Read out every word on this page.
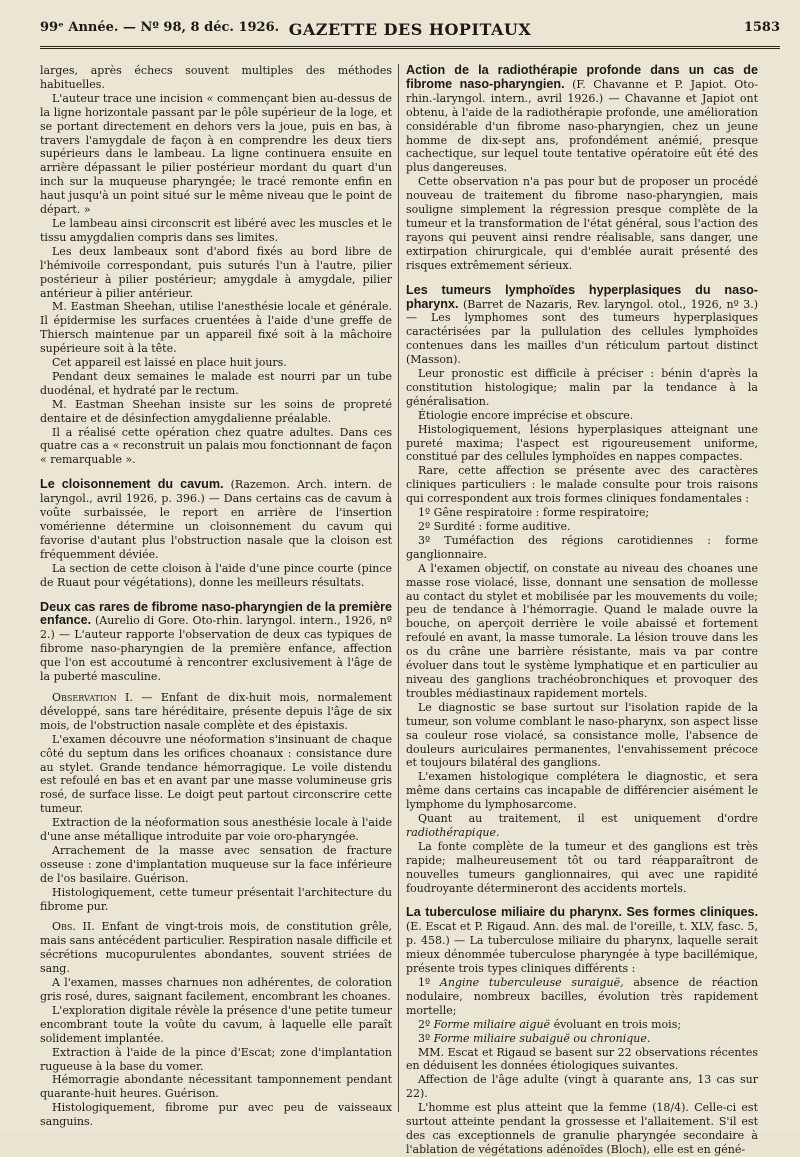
99ᵉ Année. — Nº 98, 8 déc. 1926. GAZETTE DES HOPITAUX	1583

larges, après échecs souvent multiples des méthodes habituelles.

L'auteur trace une incision « commençant bien au-dessus de la ligne horizontale passant par le pôle supérieur de la loge, et se portant directement en dehors vers la joue, puis en bas, à travers l'amygdale de façon à en comprendre les deux tiers supérieurs dans le lambeau. La ligne continuera ensuite en arrière dépassant le pilier postérieur mordant du quart d'un inch sur la muqueuse pharyngée; le tracé remonte enfin en haut jusqu'à un point situé sur le même niveau que le point de départ. »

Le lambeau ainsi circonscrit est libéré avec les muscles et le tissu amygdalien compris dans ses limites.

Les deux lambeaux sont d'abord fixés au bord libre de l'hémivoile correspondant, puis suturés l'un à l'autre, pilier postérieur à pilier postérieur; amygdale à amygdale, pilier antérieur à pilier antérieur.

M. Eastman Sheehan, utilise l'anesthésie locale et générale. Il épidermise les surfaces cruentées à l'aide d'une greffe de Thiersch maintenue par un appareil fixé soit à la mâchoire supérieure soit à la tête.

Cet appareil est laissé en place huit jours.

Pendant deux semaines le malade est nourri par un tube duodénal, et hydraté par le rectum.

M. Eastman Sheehan insiste sur les soins de propreté dentaire et de désinfection amygdalienne préalable.

Il a réalisé cette opération chez quatre adultes. Dans ces quatre cas a « reconstruit un palais mou fonctionnant de façon « remarquable ».

Le cloisonnement du cavum. (Razemon. Arch. intern. de laryngol., avril 1926, p. 396.) — Dans certains cas de cavum à voûte surbaissée, le report en arrière de l'insertion vomérienne détermine un cloisonnement du cavum qui favorise d'autant plus l'obstruction nasale que la cloison est fréquemment déviée.

La section de cette cloison à l'aide d'une pince courte (pince de Ruaut pour végétations), donne les meilleurs résultats.

Deux cas rares de fibrome naso-pharyngien de la première enfance. (Aurelio di Gore. Oto-rhin. laryngol. intern., 1926, nº 2.) — L'auteur rapporte l'observation de deux cas typiques de fibrome naso-pharyngien de la première enfance, affection que l'on est accoutumé à rencontrer exclusivement à l'âge de la puberté masculine.

Observation I. — Enfant de dix-huit mois, normalement développé, sans tare héréditaire, présente depuis l'âge de six mois, de l'obstruction nasale complète et des épistaxis.

L'examen découvre une néoformation s'insinuant de chaque côté du septum dans les orifices choanaux : consistance dure au stylet. Grande tendance hémorragique. Le voile distendu est refoulé en bas et en avant par une masse volumineuse gris rosé, de surface lisse. Le doigt peut partout circonscrire cette tumeur.

Extraction de la néoformation sous anesthésie locale à l'aide d'une anse métallique introduite par voie oro-pharyngée.

Arrachement de la masse avec sensation de fracture osseuse : zone d'implantation muqueuse sur la face inférieure de l'os basilaire. Guérison.

Histologiquement, cette tumeur présentait l'architecture du fibrome pur.

Obs. II. Enfant de vingt-trois mois, de constitution grêle, mais sans antécédent particulier. Respiration nasale difficile et sécrétions mucopurulentes abondantes, souvent striées de sang.

A l'examen, masses charnues non adhérentes, de coloration gris rosé, dures, saignant facilement, encombrant les choanes.

L'exploration digitale révèle la présence d'une petite tumeur encombrant toute la voûte du cavum, à laquelle elle paraît solidement implantée.

Extraction à l'aide de la pince d'Escat; zone d'implantation rugueuse à la base du vomer.

Hémorragie abondante nécessitant tamponnement pendant quarante-huit heures. Guérison.

Histologiquement, fibrome pur avec peu de vaisseaux sanguins.

Action de la radiothérapie profonde dans un cas de fibrome naso-pharyngien. (F. Chavanne et P. Japiot. Oto-rhin.-laryngol. intern., avril 1926.) — Chavanne et Japiot ont obtenu, à l'aide de la radiothérapie profonde, une amélioration considérable d'un fibrome naso-pharyngien, chez un jeune homme de dix-sept ans, profondément anémié, presque cachectique, sur lequel toute tentative opératoire eût été des plus dangereuses.

Cette observation n'a pas pour but de proposer un procédé nouveau de traitement du fibrome naso-pharyngien, mais souligne simplement la régression presque complète de la tumeur et la transformation de l'état général, sous l'action des rayons qui peuvent ainsi rendre réalisable, sans danger, une extirpation chirurgicale, qui d'emblée aurait présenté des risques extrêmement sérieux.

Les tumeurs lymphoïdes hyperplasiques du naso-pharynx. (Barret de Nazaris, Rev. laryngol. otol., 1926, nº 3.) — Les lymphomes sont des tumeurs hyperplasiques caractérisées par la pullulation des cellules lymphoïdes contenues dans les mailles d'un réticulum partout distinct (Masson).

Leur pronostic est difficile à préciser : bénin d'après la constitution histologique; malin par la tendance à la généralisation.

Étiologie encore imprécise et obscure.

Histologiquement, lésions hyperplasiques atteignant une pureté maxima; l'aspect est rigoureusement uniforme, constitué par des cellules lymphoïdes en nappes compactes.

Rare, cette affection se présente avec des caractères cliniques particuliers : le malade consulte pour trois raisons qui correspondent aux trois formes cliniques fondamentales :

1º Gêne respiratoire : forme respiratoire;

2º Surdité : forme auditive.

3º Tuméfaction des régions carotidiennes : forme ganglionnaire.

A l'examen objectif, on constate au niveau des choanes une masse rose violacé, lisse, donnant une sensation de mollesse au contact du stylet et mobilisée par les mouvements du voile; peu de tendance à l'hémorragie. Quand le malade ouvre la bouche, on aperçoit derrière le voile abaissé et fortement refoulé en avant, la masse tumorale. La lésion trouve dans les os du crâne une barrière résistante, mais va par contre évoluer dans tout le système lymphatique et en particulier au niveau des ganglions trachéobronchiques et provoquer des troubles médiastinaux rapidement mortels.

Le diagnostic se base surtout sur l'isolation rapide de la tumeur, son volume comblant le naso-pharynx, son aspect lisse sa couleur rose violacé, sa consistance molle, l'absence de douleurs auriculaires permanentes, l'envahissement précoce et toujours bilatéral des ganglions.

L'examen histologique complétera le diagnostic, et sera même dans certains cas incapable de différencier aisément le lymphome du lymphosarcome.

Quant au traitement, il est uniquement d'ordre radiothérapique.

La fonte complète de la tumeur et des ganglions est très rapide; malheureusement tôt ou tard réapparaîtront de nouvelles tumeurs ganglionnaires, qui avec une rapidité foudroyante détermineront des accidents mortels.

La tuberculose miliaire du pharynx. Ses formes cliniques. (E. Escat et P. Rigaud. Ann. des mal. de l'oreille, t. XLV, fasc. 5, p. 458.) — La tuberculose miliaire du pharynx, laquelle serait mieux dénommée tuberculose pharyngée à type bacillémique, présente trois types cliniques différents :

1º Angine tuberculeuse suraiguë, absence de réaction nodulaire, nombreux bacilles, évolution très rapidement mortelle;

2º Forme miliaire aiguë évoluant en trois mois;

3º Forme miliaire subaiguë ou chronique.

MM. Escat et Rigaud se basent sur 22 observations récentes en déduisent les données étiologiques suivantes.

Affection de l'âge adulte (vingt à quarante ans, 13 cas sur 22).

L'homme est plus atteint que la femme (18/4). Celle-ci est surtout atteinte pendant la grossesse et l'allaitement. S'il est des cas exceptionnels de granulie pharyngée secondaire à l'ablation de végétations adénoïdes (Bloch), elle est en géné-
